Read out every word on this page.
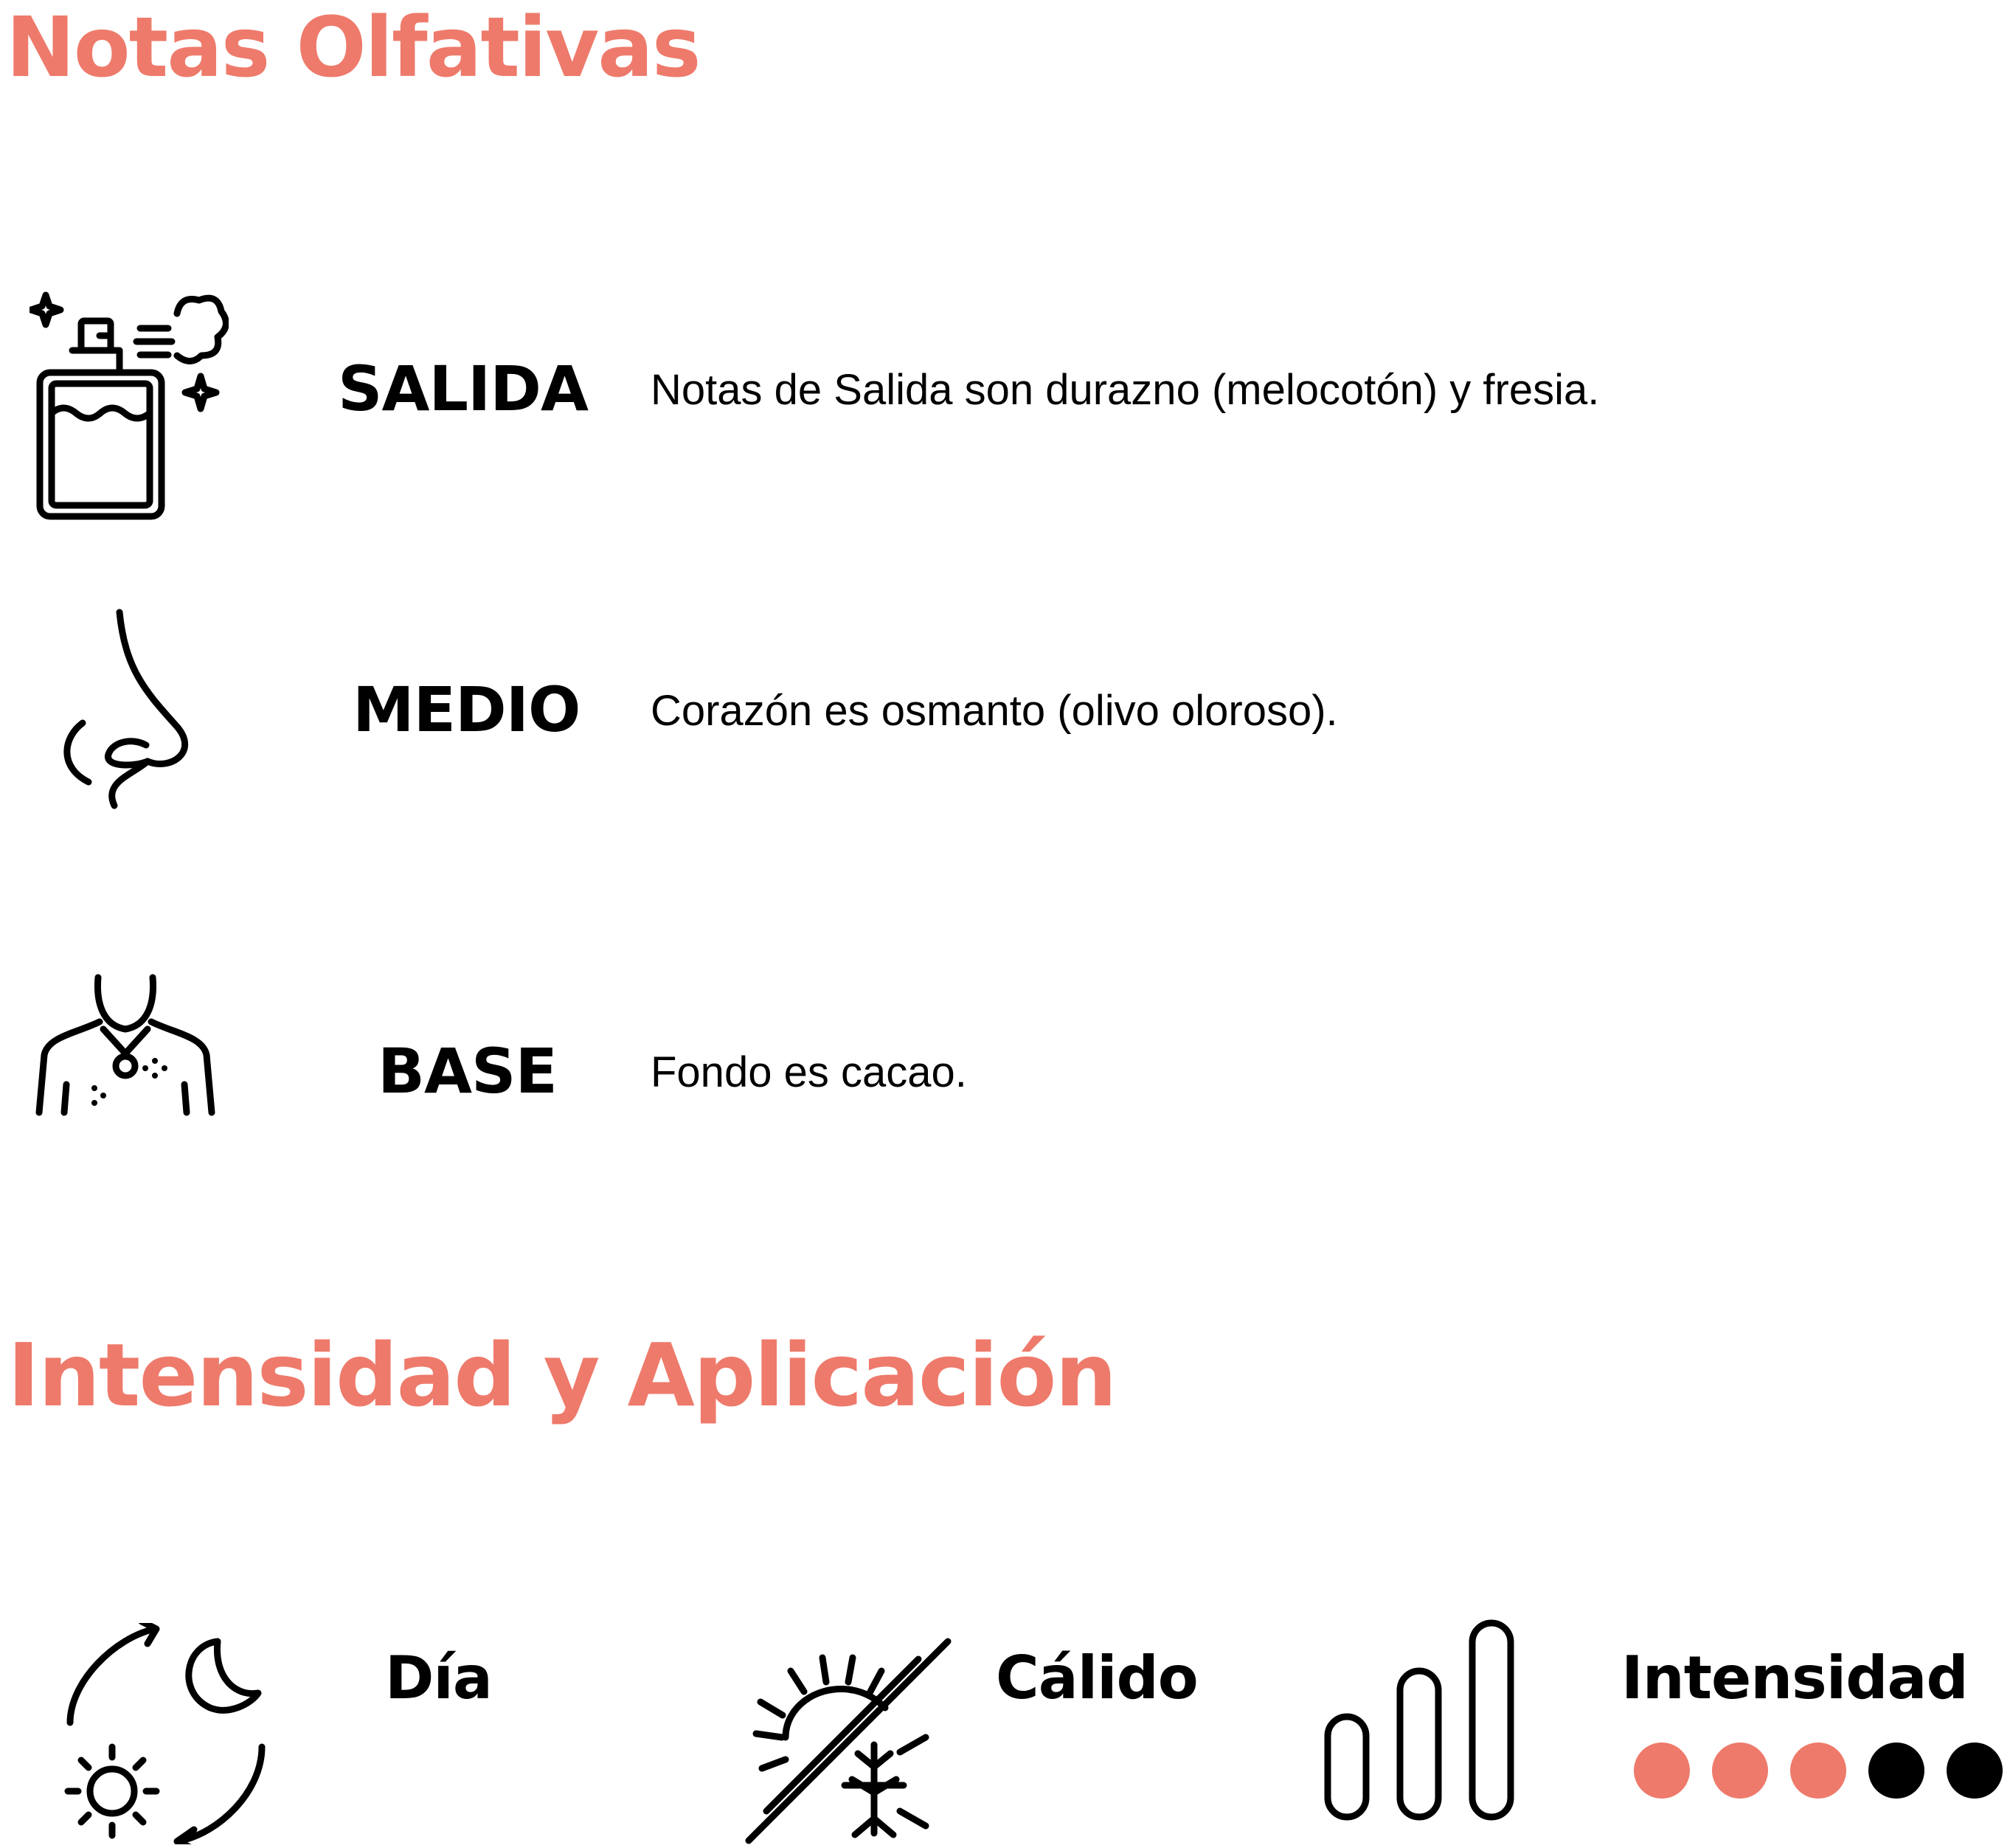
Notas Olfativas
SALIDA Notas de Salida son durazno (melocotón) y fresia.
MEDIO Corazón es osmanto (olivo oloroso).
BASE Fondo es cacao.
Intensidad y Aplicación
Día	Cálido	Intensidad
